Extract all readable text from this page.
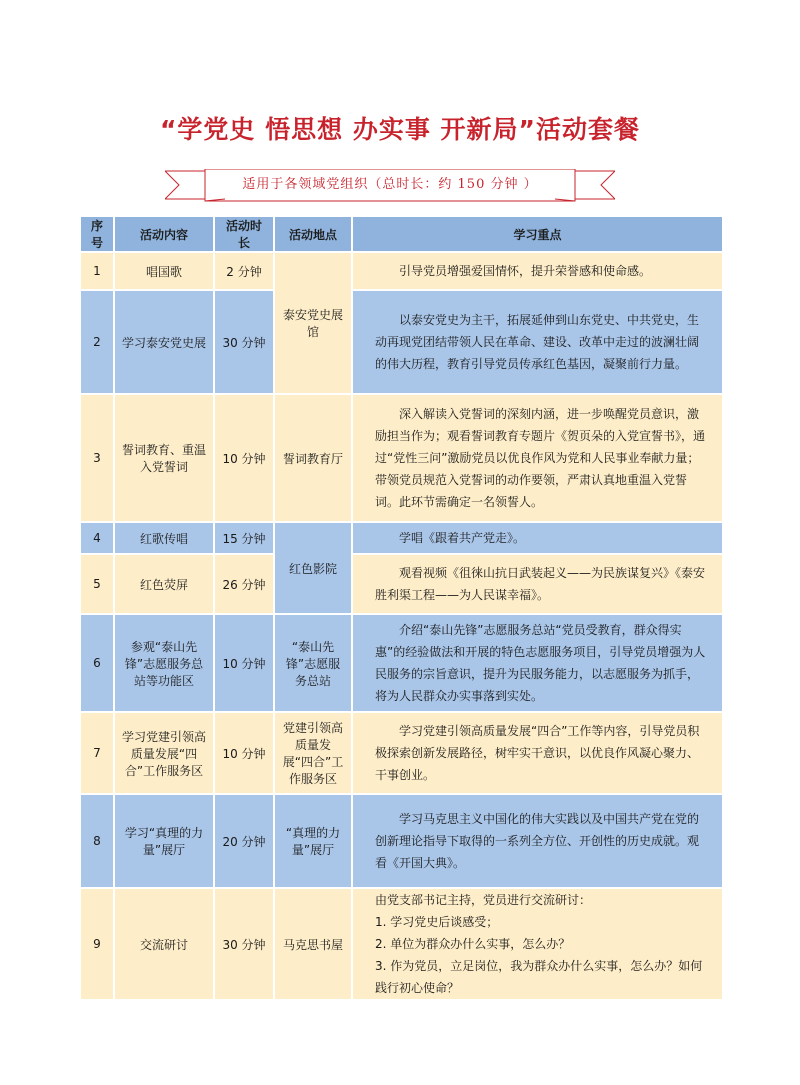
“学党史 悟思想 办实事 开新局”活动套餐
适用于各领域党组织（总时长：约 150 分钟 ）
序号	活动内容	活动时长	活动地点	学习重点
1	唱国歌	2 分钟	泰安党史展馆	引导党员增强爱国情怀，提升荣誉感和使命感。

2	学习泰安党史展	30 分钟		以泰安党史为主干，拓展延伸到山东党史、中共党史，生动再现党团结带领人民在革命、建设、改革中走过的波澜壮阔的伟大历程，教育引导党员传承红色基因，凝聚前行力量。

3	誓词教育、重温入党誓词	10 分钟	誓词教育厅	深入解读入党誓词的深刻内涵，进一步唤醒党员意识，激励担当作为；观看誓词教育专题片《贺页朵的入党宣誓书》，通过“党性三问”激励党员以优良作风为党和人民事业奉献力量；带领党员规范入党誓词的动作要领，严肃认真地重温入党誓词。此环节需确定一名领誓人。

4	红歌传唱	15 分钟	红色影院	学唱《跟着共产党走》。

5	红色荧屏	26 分钟		观看视频《徂徕山抗日武装起义——为民族谋复兴》《泰安胜利渠工程——为人民谋幸福》。

6	参观“泰山先锋”志愿服务总站等功能区	10 分钟	“泰山先锋”志愿服务总站	介绍“泰山先锋”志愿服务总站“党员受教育，群众得实惠”的经验做法和开展的特色志愿服务项目，引导党员增强为人民服务的宗旨意识，提升为民服务能力，以志愿服务为抓手，将为人民群众办实事落到实处。

7	学习党建引领高质量发展“四合”工作服务区	10 分钟	党建引领高质量发展“四合”工作服务区	学习党建引领高质量发展“四合”工作等内容，引导党员积极探索创新发展路径，树牢实干意识，以优良作风凝心聚力、干事创业。

8	学习“真理的力量”展厅	20 分钟	“真理的力量”展厅	学习马克思主义中国化的伟大实践以及中国共产党在党的创新理论指导下取得的一系列全方位、开创性的历史成就。观看《开国大典》。

9	交流研讨	30 分钟	马克思书屋	由党支部书记主持，党员进行交流研讨：

1. 学习党史后谈感受；

2. 单位为群众办什么实事，怎么办？

3. 作为党员，立足岗位，我为群众办什么实事，怎么办？如何践行初心使命？
